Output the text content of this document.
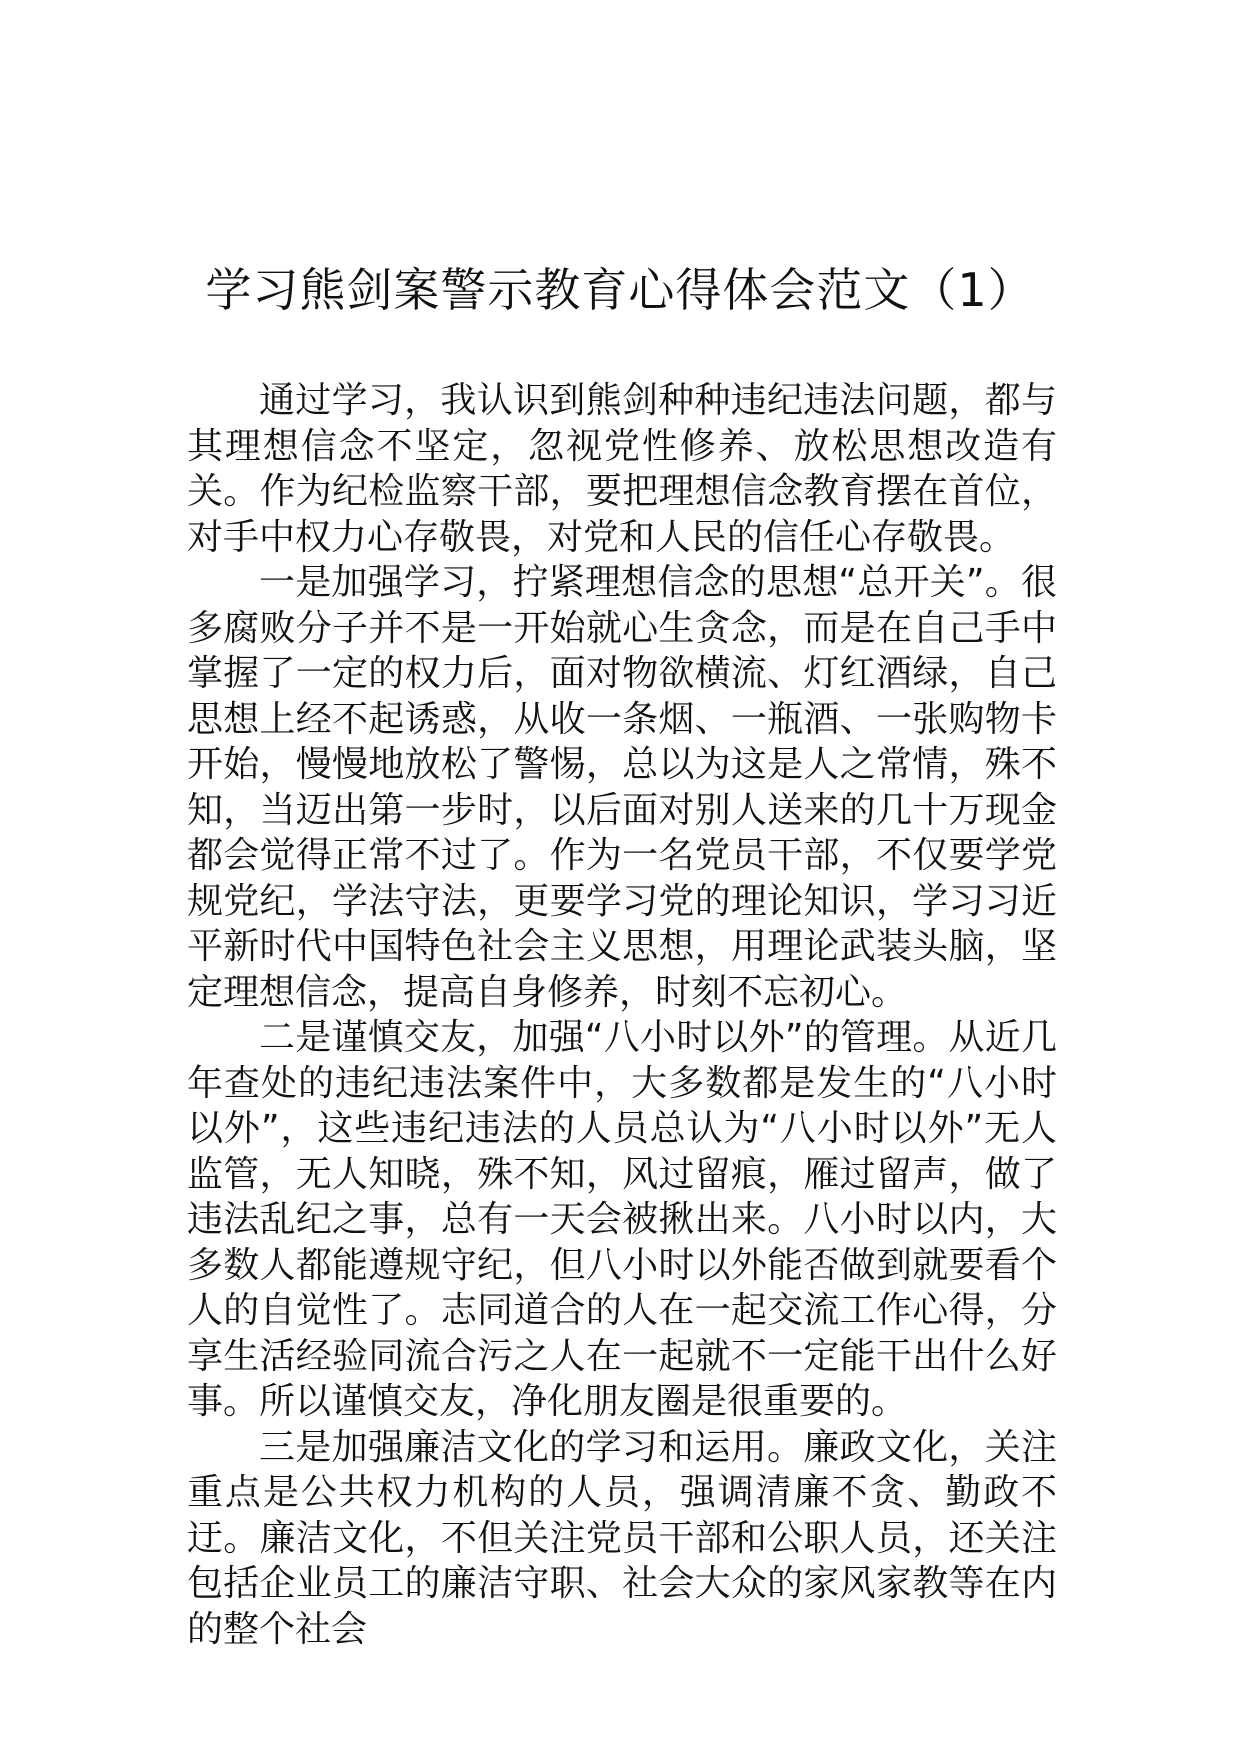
学习熊剑案警示教育心得体会范文（1）

通过学习，我认识到熊剑种种违纪违法问题，都与其理想信念不坚定，忽视党性修养、放松思想改造有关。作为纪检监察干部，要把理想信念教育摆在首位，对手中权力心存敬畏，对党和人民的信任心存敬畏。

一是加强学习，拧紧理想信念的思想“总开关”。很多腐败分子并不是一开始就心生贪念，而是在自己手中掌握了一定的权力后，面对物欲横流、灯红酒绿，自己思想上经不起诱惑，从收一条烟、一瓶酒、一张购物卡开始，慢慢地放松了警惕，总以为这是人之常情，殊不知，当迈出第一步时，以后面对别人送来的几十万现金都会觉得正常不过了。作为一名党员干部，不仅要学党规党纪，学法守法，更要学习党的理论知识，学习习近平新时代中国特色社会主义思想，用理论武装头脑，坚定理想信念，提高自身修养，时刻不忘初心。

二是谨慎交友，加强“八小时以外”的管理。从近几年查处的违纪违法案件中，大多数都是发生的“八小时以外”，这些违纪违法的人员总认为“八小时以外”无人监管，无人知晓，殊不知，风过留痕，雁过留声，做了违法乱纪之事，总有一天会被揪出来。八小时以内，大多数人都能遵规守纪，但八小时以外能否做到就要看个人的自觉性了。志同道合的人在一起交流工作心得，分享生活经验同流合污之人在一起就不一定能干出什么好事。所以谨慎交友，净化朋友圈是很重要的。

三是加强廉洁文化的学习和运用。廉政文化，关注重点是公共权力机构的人员，强调清廉不贪、勤政不迂。廉洁文化，不但关注党员干部和公职人员，还关注包括企业员工的廉洁守职、社会大众的家风家教等在内的整个社会
